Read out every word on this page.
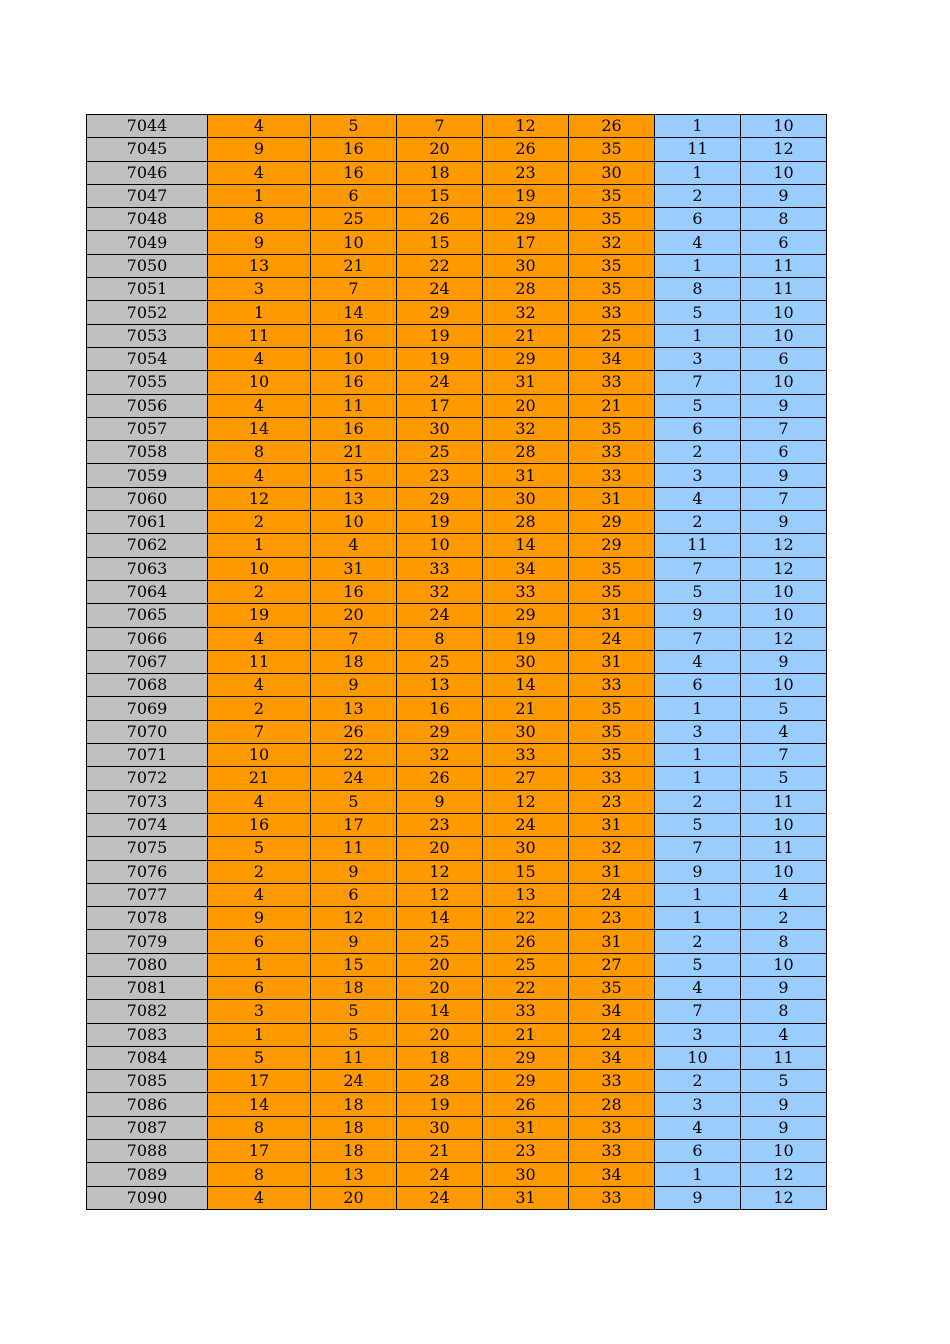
7044	4	5	7	12	26	1	10
7045	9	16	20	26	35	11	12
7046	4	16	18	23	30	1	10
7047	1	6	15	19	35	2	9
7048	8	25	26	29	35	6	8
7049	9	10	15	17	32	4	6
7050	13	21	22	30	35	1	11
7051	3	7	24	28	35	8	11
7052	1	14	29	32	33	5	10
7053	11	16	19	21	25	1	10
7054	4	10	19	29	34	3	6
7055	10	16	24	31	33	7	10
7056	4	11	17	20	21	5	9
7057	14	16	30	32	35	6	7
7058	8	21	25	28	33	2	6
7059	4	15	23	31	33	3	9
7060	12	13	29	30	31	4	7
7061	2	10	19	28	29	2	9
7062	1	4	10	14	29	11	12
7063	10	31	33	34	35	7	12
7064	2	16	32	33	35	5	10
7065	19	20	24	29	31	9	10
7066	4	7	8	19	24	7	12
7067	11	18	25	30	31	4	9
7068	4	9	13	14	33	6	10
7069	2	13	16	21	35	1	5
7070	7	26	29	30	35	3	4
7071	10	22	32	33	35	1	7
7072	21	24	26	27	33	1	5
7073	4	5	9	12	23	2	11
7074	16	17	23	24	31	5	10
7075	5	11	20	30	32	7	11
7076	2	9	12	15	31	9	10
7077	4	6	12	13	24	1	4
7078	9	12	14	22	23	1	2
7079	6	9	25	26	31	2	8
7080	1	15	20	25	27	5	10
7081	6	18	20	22	35	4	9
7082	3	5	14	33	34	7	8
7083	1	5	20	21	24	3	4
7084	5	11	18	29	34	10	11
7085	17	24	28	29	33	2	5
7086	14	18	19	26	28	3	9
7087	8	18	30	31	33	4	9
7088	17	18	21	23	33	6	10
7089	8	13	24	30	34	1	12
7090	4	20	24	31	33	9	12
